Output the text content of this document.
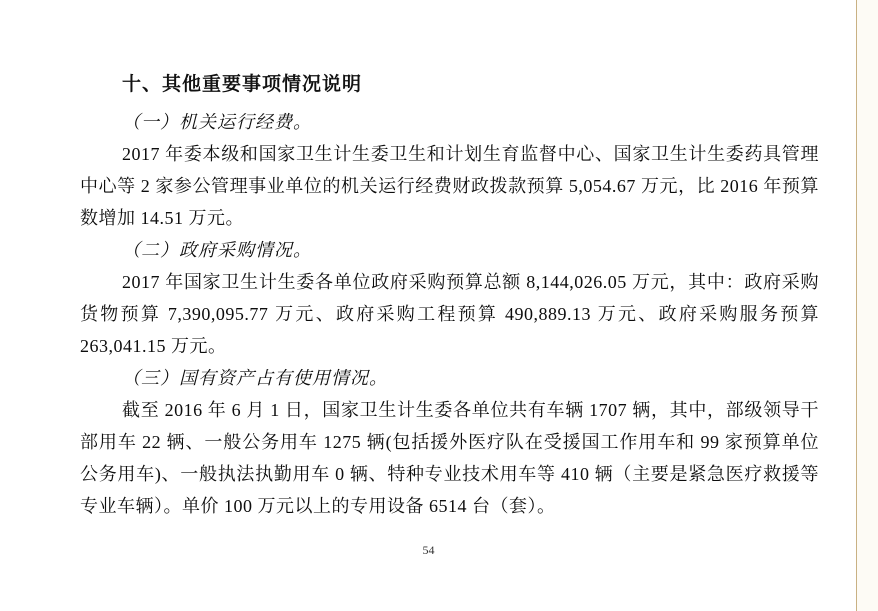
十、其他重要事项情况说明

（一）机关运行经费。

2017 年委本级和国家卫生计生委卫生和计划生育监督中心、国家卫生计生委药具管理中心等 2 家参公管理事业单位的机关运行经费财政拨款预算 5,054.67 万元，比 2016 年预算数增加 14.51 万元。

（二）政府采购情况。

2017 年国家卫生计生委各单位政府采购预算总额 8,144,026.05 万元，其中：政府采购货物预算 7,390,095.77 万元、政府采购工程预算 490,889.13 万元、政府采购服务预算 263,041.15 万元。

（三）国有资产占有使用情况。

截至 2016 年 6 月 1 日，国家卫生计生委各单位共有车辆 1707 辆，其中，部级领导干部用车 22 辆、一般公务用车 1275 辆(包括援外医疗队在受援国工作用车和 99 家预算单位公务用车)、一般执法执勤用车 0 辆、特种专业技术用车等 410 辆（主要是紧急医疗救援等专业车辆）。单价 100 万元以上的专用设备 6514 台（套）。

54
